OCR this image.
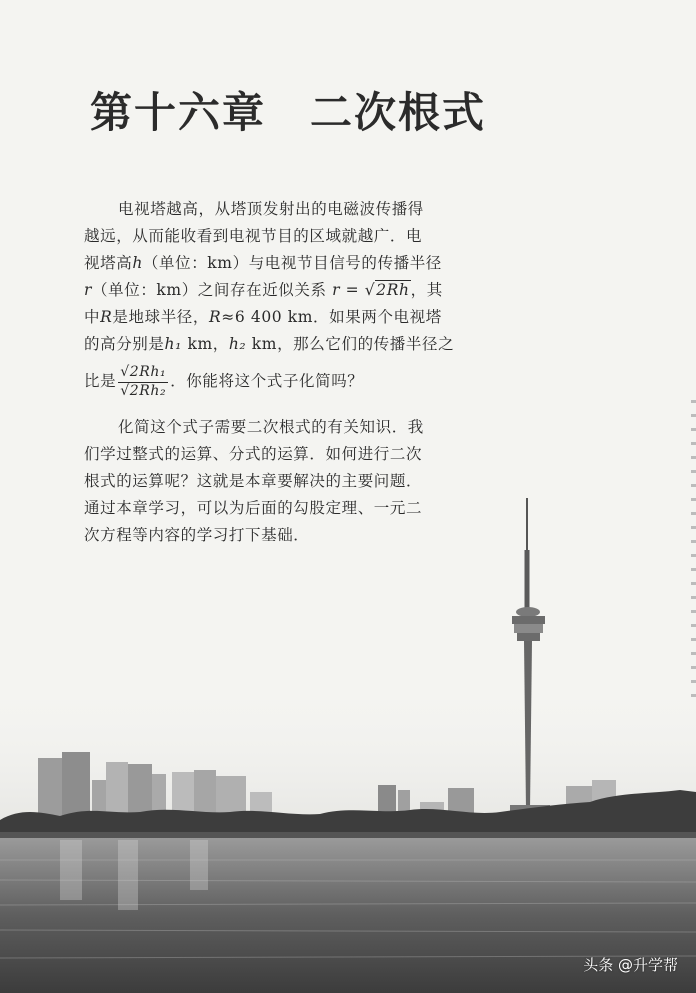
第十六章　二次根式

电视塔越高，从塔顶发射出的电磁波传播得
越远，从而能收看到电视节目的区域就越广．电
视塔高h（单位：km）与电视节目信号的传播半径
r（单位：km）之间存在近似关系 r = √2Rh，其
中R是地球半径，R≈6 400 km．如果两个电视塔
的高分别是h₁ km，h₂ km，那么它们的传播半径之
比是 $\frac{\text{√2Rh₁}}{\text{√2Rh₂}}$ ．你能将这个式子化简吗？

化简这个式子需要二次根式的有关知识．我
们学过整式的运算、分式的运算．如何进行二次
根式的运算呢？这就是本章要解决的主要问题．
通过本章学习，可以为后面的勾股定理、一元二
次方程等内容的学习打下基础．

头条 @升学帮
